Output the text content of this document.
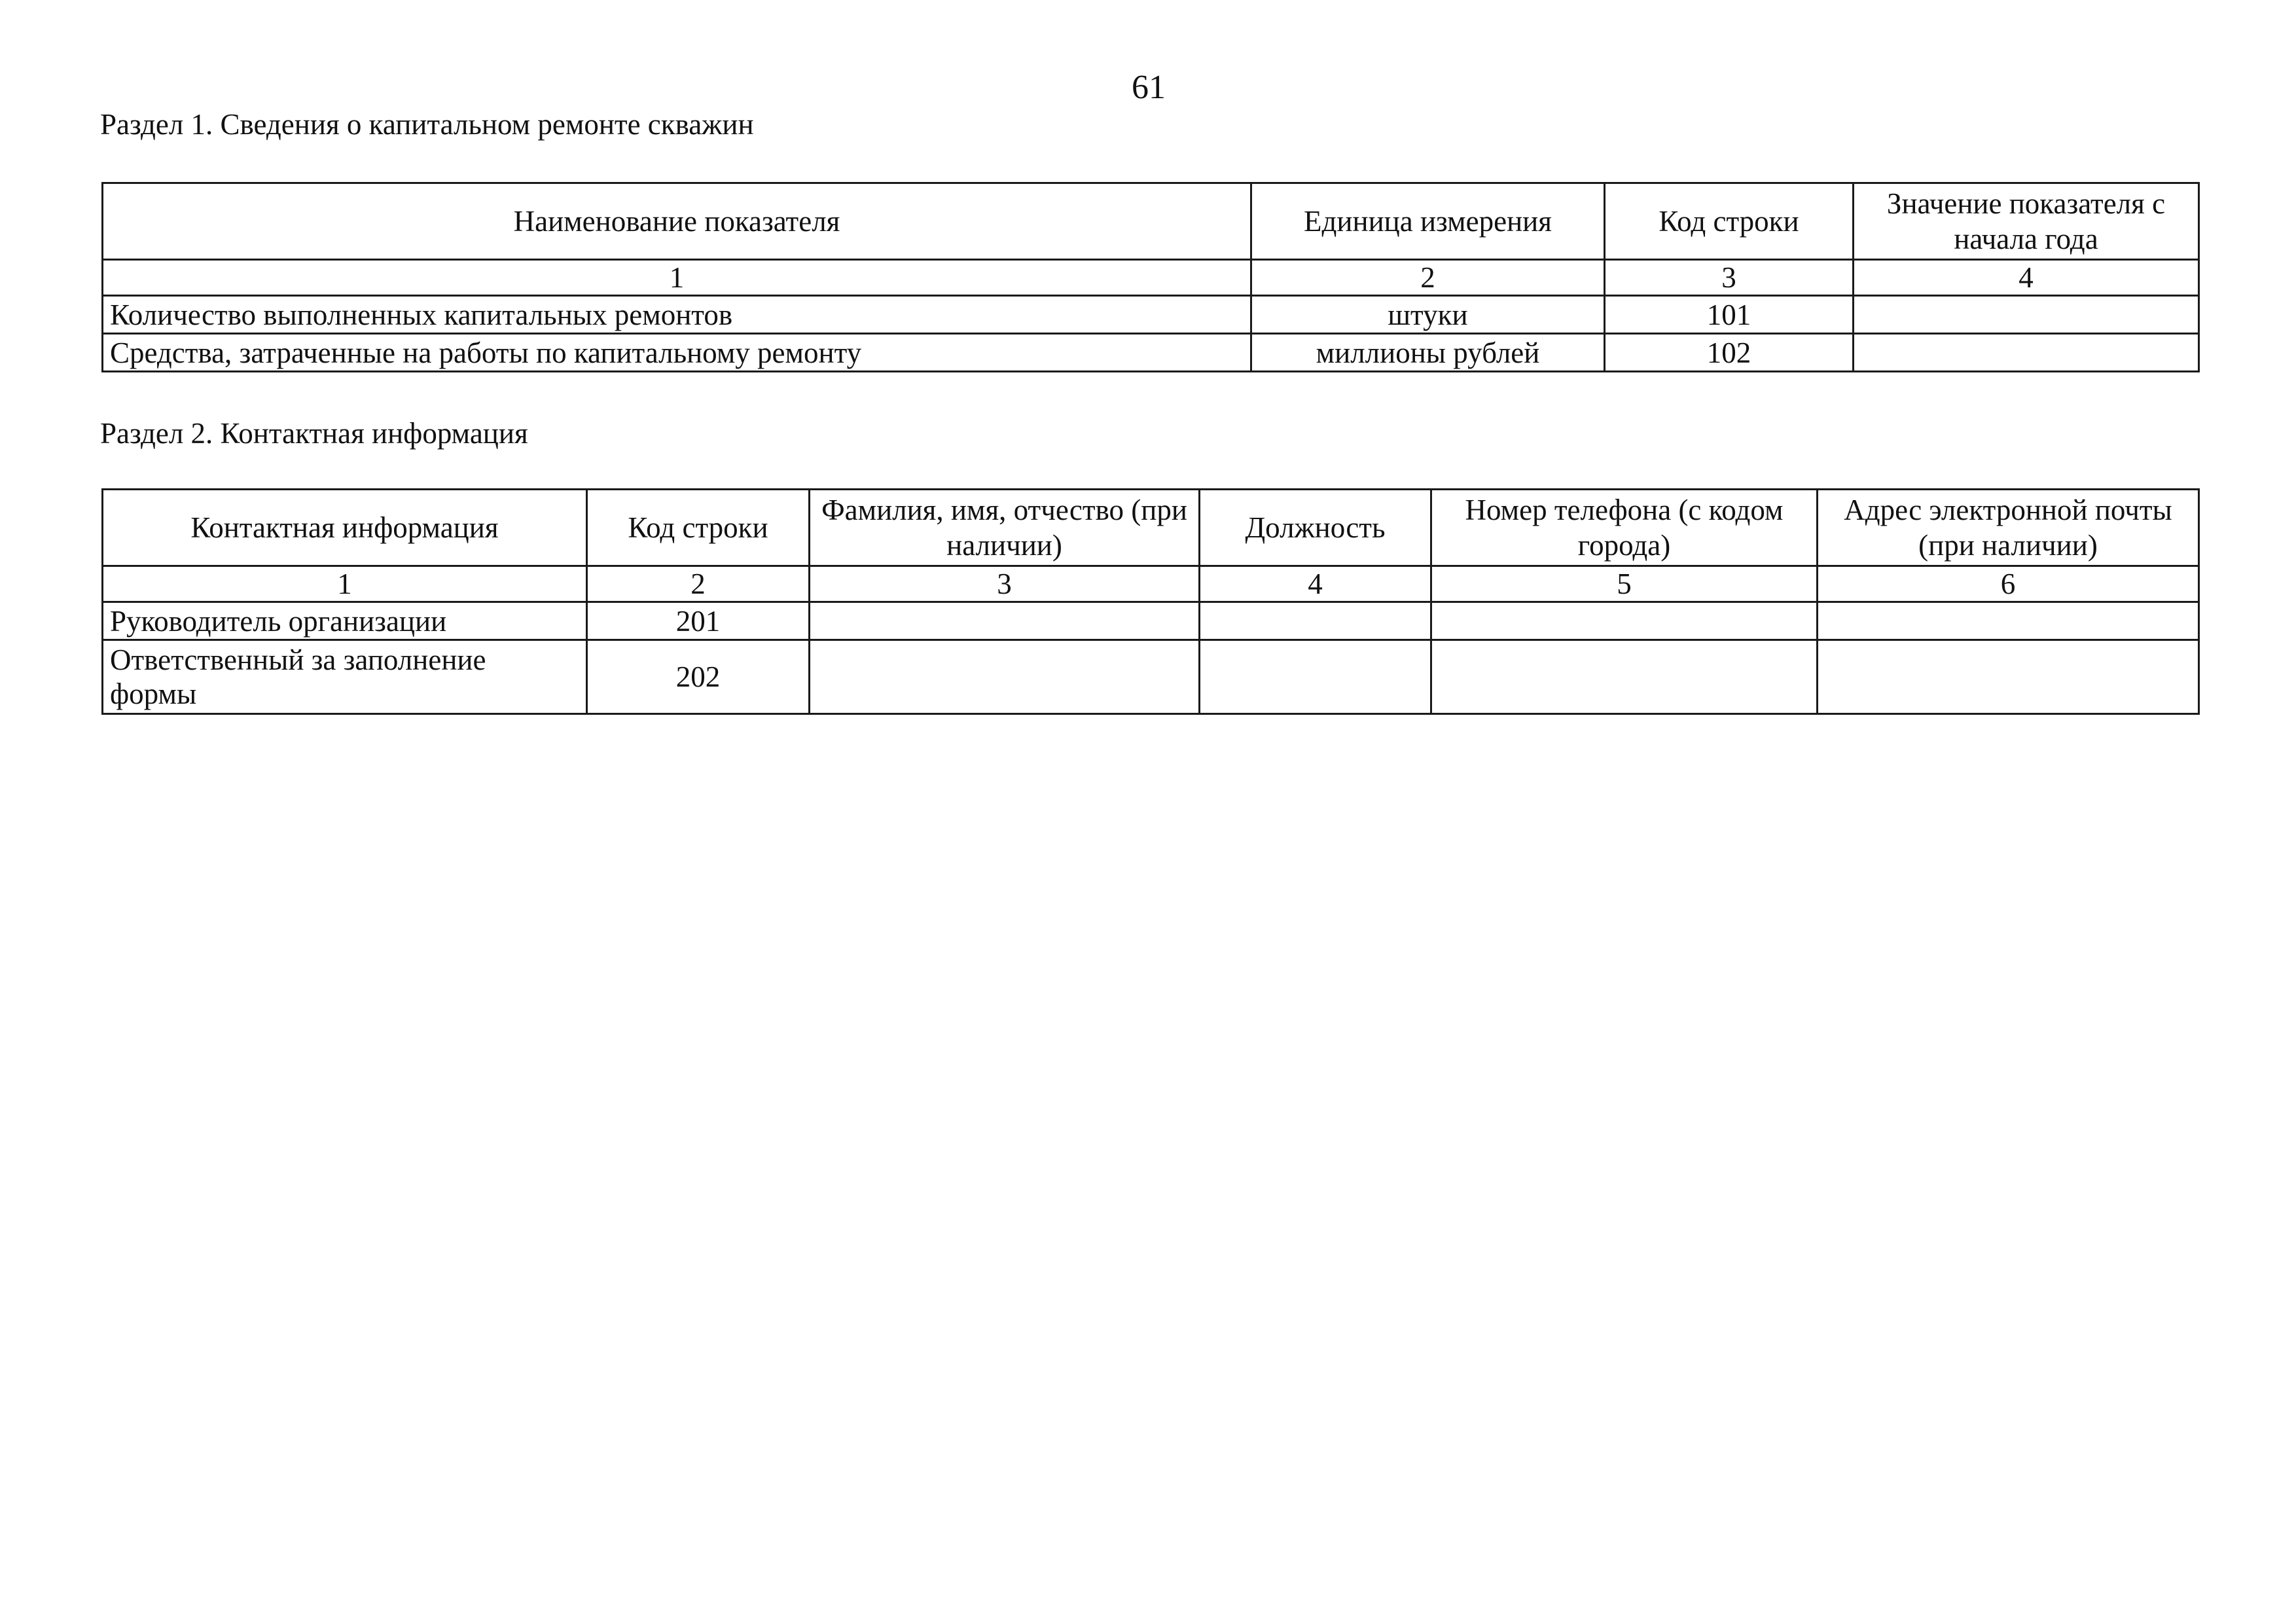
61
Раздел 1. Сведения о капитальном ремонте скважин
Наименование показателя	Единица измерения	Код строки	Значение показателя с начала года
1	2	3	4
Количество выполненных капитальных ремонтов	штуки	101	
Средства, затраченные на работы по капитальному ремонту	миллионы рублей	102	
Раздел 2. Контактная информация
Контактная информация	Код строки	Фамилия, имя, отчество (при наличии)	Должность	Номер телефона (с кодом города)	Адрес электронной почты (при наличии)
1	2	3	4	5	6
Руководитель организации	201				
Ответственный за заполнение формы	202				
